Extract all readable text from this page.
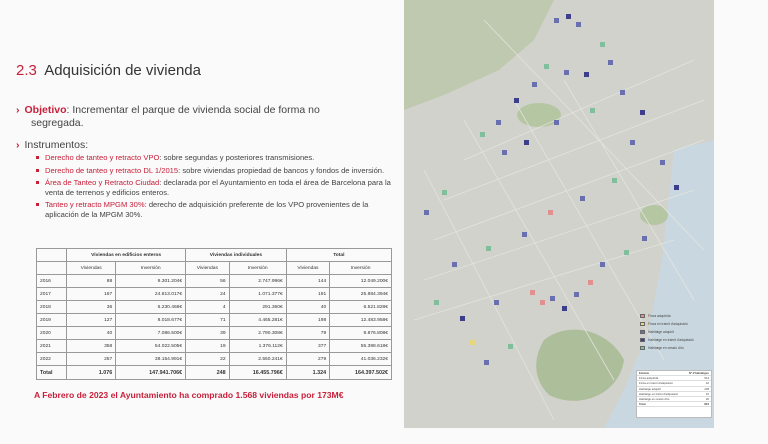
2.3 Adquisición de vivienda
› Objetivo: Incrementar el parque de vivienda social de forma no
segregada.
› Instrumentos:
Derecho de tanteo y retracto VPO: sobre segundas y posteriores transmisiones.
Derecho de tanteo y retracto DL 1/2015: sobre viviendas propiedad de bancos y fondos de inversión.
Área de Tanteo y Retracto Ciudad: declarada por el Ayuntamiento en toda el área de Barcelona para la venta de terrenos y edificios enteros.
Tanteo y retracto MPGM 30%: derecho de adquisición preferente de los VPO provenientes de la aplicación de la MPGM 30%.
	Viviendas en edificios enteros		Viviendas individuales		Total	
	Viviendas	Inversión	Viviendas	Inversión	Viviendas	Inversión
2016	88	9.301.204€	56	2.747.996€	144	12.049.200€
2017	167	24.813.017€	24	1.071.377€	191	25.884.394€
2018	36	6.230.468€	4	291.360€	40	6.521.828€
2019	127	8.018.677€	71	4.465.281€	198	12.483.958€
2020	40	7.086.500€	39	2.790.308€	79	9.876.808€
2021	358	54.022.505€	19	1.376.112€	377	55.398.618€
2022	257	38.154.991€	22	2.550.241€	279	41.036.232€
Total	1.076	147.941.706€	248	16.455.796€	1.324	164.397.502€
A Febrero de 2023 el Ayuntamiento ha comprado 1.568 viviendas por 173M€
Finca adquirida
Finca en trámit d'adquisició
Habitatge adquirit
Habitatge en trámit d'adquisició
Habitatge en cessió d'ús
Estatus	Nº d'habitatges
Finca adquirida	514
Finca en tràmit d'adquisició	42
Habitatge adquirit	238
Habitatge en tràmit d'adquisició	10
Habitatge en cessió d'ús	20
Total	824
